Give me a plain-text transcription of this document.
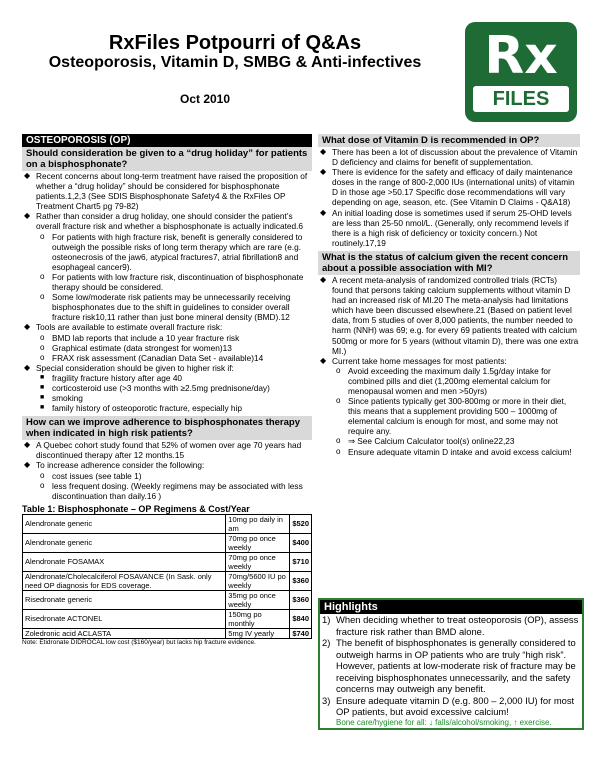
RxFiles Potpourri of Q&As
Osteoporosis, Vitamin D, SMBG & Anti-infectives
Oct 2010
Rx
FILES
OSTEOPOROSIS (OP)
Should consideration be given to a “drug holiday” for patients on a bisphosphonate?
◆ Recent concerns about long-term treatment have raised the proposition of whether a “drug holiday” should be considered for bisphosphonate patients.1,2,3 (See SDIS Bisphosphonate Safety4 & the RxFiles OP Treatment Chart5 pg 79-82)
◆ Rather than consider a drug holiday, one should consider the patient’s overall fracture risk and whether a bisphosphonate is actually indicated.6
o For patients with high fracture risk, benefit is generally considered to outweigh the possible risks of long term therapy which are rare (e.g. osteonecrosis of the jaw6, atypical fractures7, atrial fibrillation8 and esophageal cancer9).
o For patients with low fracture risk, discontinuation of bisphosphonate therapy should be considered.
o Some low/moderate risk patients may be unnecessarily receiving bisphosphonates due to the shift in guidelines to consider overall fracture risk10,11 rather than just bone mineral density (BMD).12
◆ Tools are available to estimate overall fracture risk:
o BMD lab reports that include a 10 year fracture risk
o Graphical estimate (data strongest for women)13
o FRAX risk assessment (Canadian Data Set - available)14
◆ Special consideration should be given to higher risk if:
■ fragility fracture history after age 40
■ corticosteroid use (>3 months with ≥2.5mg prednisone/day)
■ smoking
■ family history of osteoporotic fracture, especially hip
How can we improve adherence to bisphosphonates therapy when indicated in high risk patients?
◆ A Quebec cohort study found that 52% of women over age 70 years had discontinued therapy after 12 months.15
◆ To increase adherence consider the following:
o cost issues (see table 1)
o less frequent dosing. (Weekly regimens may be associated with less discontinuation than daily.16 )
Table 1: Bisphosphonate – OP Regimens & Cost/Year
Alendronate generic	10mg po daily in am	$520
Alendronate generic	70mg po once weekly	$400
Alendronate FOSAMAX	70mg po once weekly	$710
Alendronate/Cholecalciferol FOSAVANCE (In Sask. only need OP diagnosis for EDS coverage.	70mg/5600 IU po weekly	$360
Risedronate generic	35mg po once weekly	$360
Risedronate ACTONEL	150mg po monthly	$840
Zoledronic acid ACLASTA	5mg IV yearly	$740
Note: Etidronate DIDROCAL low cost ($160/year) but lacks hip fracture evidence.
What dose of Vitamin D is recommended in OP?
◆ There has been a lot of discussion about the prevalence of Vitamin D deficiency and claims for benefit of supplementation.
◆ There is evidence for the safety and efficacy of daily maintenance doses in the range of 800-2,000 IUs (international units) of vitamin D in those age >50.17 Specific dose recommendations will vary depending on age, season, etc. (See Vitamin D Claims - Q&A18)
◆ An initial loading dose is sometimes used if serum 25-OHD levels are less than 25-50 nmol/L. (Generally, only recommend levels if there is a high risk of deficiency or toxicity concern.) Not routinely.17,19
What is the status of calcium given the recent concern about a possible association with MI?
◆ A recent meta-analysis of randomized controlled trials (RCTs) found that persons taking calcium supplements without vitamin D had an increased risk of MI.20 The meta-analysis had limitations which have been discussed elsewhere.21 (Based on patient level data, from 5 studies of over 8,000 patients, the number needed to harm (NNH) was 69; e.g. for every 69 patients treated with calcium 500mg or more for 5 years (without vitamin D), there was one extra MI.)
◆ Current take home messages for most patients:
o Avoid exceeding the maximum daily 1.5g/day intake for combined pills and diet (1,200mg elemental calcium for menopausal women and men >50yrs)
o Since patients typically get 300-800mg or more in their diet, this means that a supplement providing 500 – 1000mg of elemental calcium is enough for most, and some may not require any.
o ⇒ See Calcium Calculator tool(s) online22,23
o Ensure adequate vitamin D intake and avoid excess calcium!
Highlights
1) When deciding whether to treat osteoporosis (OP), assess fracture risk rather than BMD alone.
2) The benefit of bisphosphonates is generally considered to outweigh harms in OP patients who are truly “high risk”. However, patients at low-moderate risk of fracture may be receiving bisphosphonates unnecessarily, and the safety concerns may outweigh any benefit.
3) Ensure adequate vitamin D (e.g. 800 – 2,000 IU) for most OP patients, but avoid excessive calcium!
Bone care/hygiene for all: ↓ falls/alcohol/smoking, ↑ exercise.
